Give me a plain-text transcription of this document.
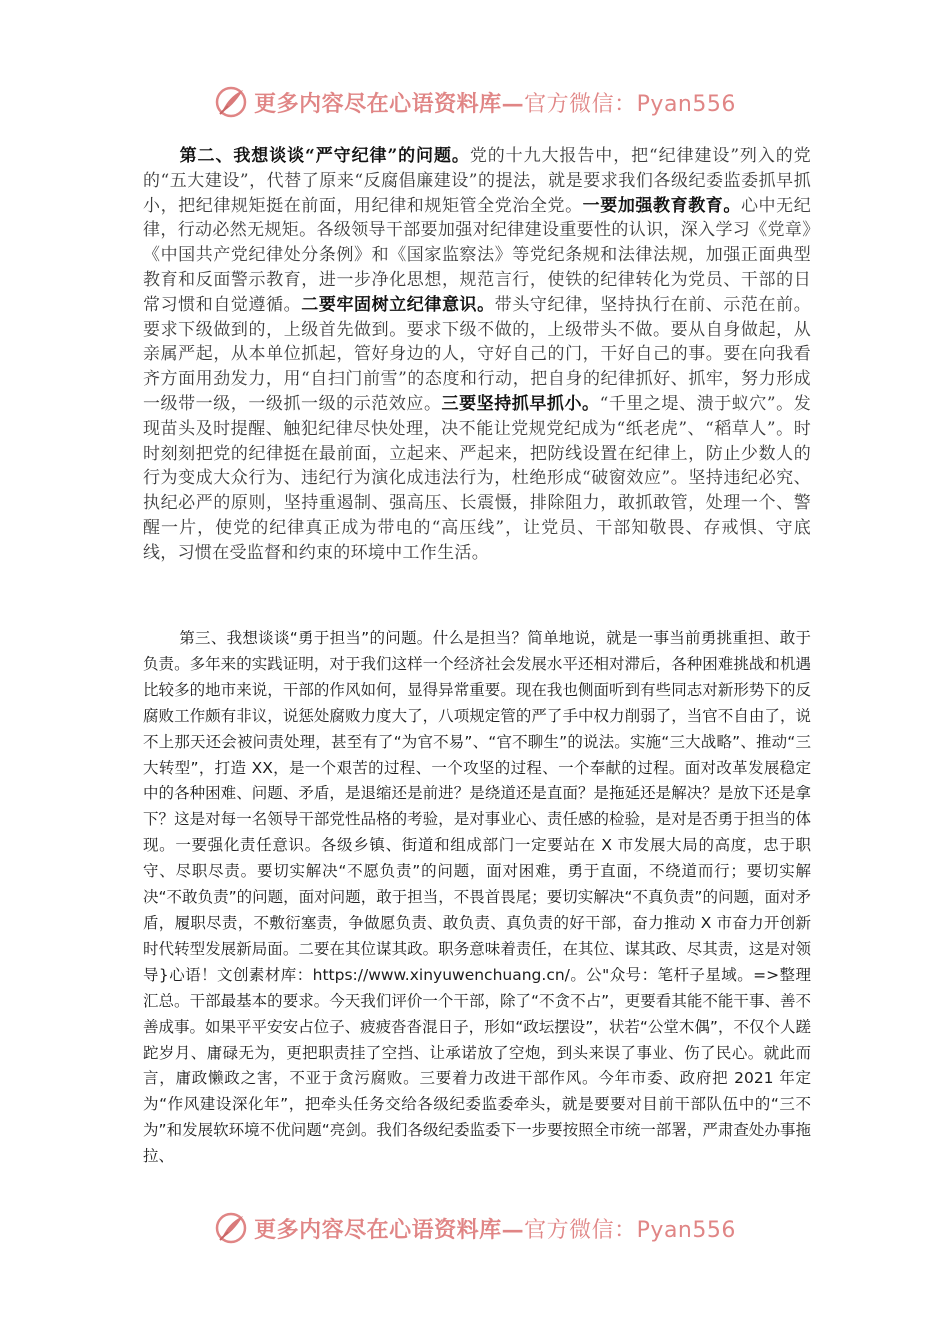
更多内容尽在心语资料库— 官方微信：Pyan556

第二、我想谈谈“严守纪律”的问题。党的十九大报告中，把“纪律建设”列入的党的“五大建设”，代替了原来“反腐倡廉建设”的提法，就是要求我们各级纪委监委抓早抓小，把纪律规矩挺在前面，用纪律和规矩管全党治全党。一要加强教育教育。心中无纪律，行动必然无规矩。各级领导干部要加强对纪律建设重要性的认识，深入学习《党章》《中国共产党纪律处分条例》和《国家监察法》等党纪条规和法律法规，加强正面典型教育和反面警示教育，进一步净化思想，规范言行，使铁的纪律转化为党员、干部的日常习惯和自觉遵循。二要牢固树立纪律意识。带头守纪律，坚持执行在前、示范在前。要求下级做到的，上级首先做到。要求下级不做的，上级带头不做。要从自身做起，从亲属严起，从本单位抓起，管好身边的人，守好自己的门，干好自己的事。要在向我看齐方面用劲发力，用“自扫门前雪”的态度和行动，把自身的纪律抓好、抓牢，努力形成一级带一级，一级抓一级的示范效应。三要坚持抓早抓小。“千里之堤、溃于蚁穴”。发现苗头及时提醒、触犯纪律尽快处理，决不能让党规党纪成为“纸老虎”、“稻草人”。时时刻刻把党的纪律挺在最前面，立起来、严起来，把防线设置在纪律上，防止少数人的行为变成大众行为、违纪行为演化成违法行为，杜绝形成“破窗效应”。坚持违纪必究、执纪必严的原则，坚持重遏制、强高压、长震慑，排除阻力，敢抓敢管，处理一个、警醒一片，使党的纪律真正成为带电的“高压线”，让党员、干部知敬畏、存戒惧、守底线，习惯在受监督和约束的环境中工作生活。

第三、我想谈谈“勇于担当”的问题。什么是担当？简单地说，就是一事当前勇挑重担、敢于负责。多年来的实践证明，对于我们这样一个经济社会发展水平还相对滞后，各种困难挑战和机遇比较多的地市来说，干部的作风如何，显得异常重要。现在我也侧面听到有些同志对新形势下的反腐败工作颇有非议，说惩处腐败力度大了，八项规定管的严了手中权力削弱了，当官不自由了，说不上那天还会被问责处理，甚至有了“为官不易”、“官不聊生”的说法。实施“三大战略”、推动“三大转型”，打造 XX，是一个艰苦的过程、一个攻坚的过程、一个奉献的过程。面对改革发展稳定中的各种困难、问题、矛盾，是退缩还是前进？是绕道还是直面？是拖延还是解决？是放下还是拿下？这是对每一名领导干部党性品格的考验，是对事业心、责任感的检验，是对是否勇于担当的体现。一要强化责任意识。各级乡镇、街道和组成部门一定要站在 X 市发展大局的高度，忠于职守、尽职尽责。要切实解决“不愿负责”的问题，面对困难，勇于直面，不绕道而行；要切实解决“不敢负责”的问题，面对问题，敢于担当，不畏首畏尾；要切实解决“不真负责”的问题，面对矛盾，履职尽责，不敷衍塞责，争做愿负责、敢负责、真负责的好干部，奋力推动 X 市奋力开创新时代转型发展新局面。二要在其位谋其政。职务意味着责任，在其位、谋其政、尽其责，这是对领导}心语！文创素材库：https://www.xinyuwenchuang.cn/。公"众号：笔杆子星域。=>整理汇总。干部最基本的要求。今天我们评价一个干部，除了“不贪不占”，更要看其能不能干事、善不善成事。如果平平安安占位子、疲疲沓沓混日子，形如“政坛摆设”，状若“公堂木偶”，不仅个人蹉跎岁月、庸碌无为，更把职责挂了空挡、让承诺放了空炮，到头来误了事业、伤了民心。就此而言，庸政懒政之害，不亚于贪污腐败。三要着力改进干部作风。今年市委、政府把 2021 年定为“作风建设深化年”，把牵头任务交给各级纪委监委牵头，就是要要对目前干部队伍中的“三不为”和发展软环境不优问题“亮剑。我们各级纪委监委下一步要按照全市统一部署，严肃查处办事拖拉、

更多内容尽在心语资料库— 官方微信：Pyan556
